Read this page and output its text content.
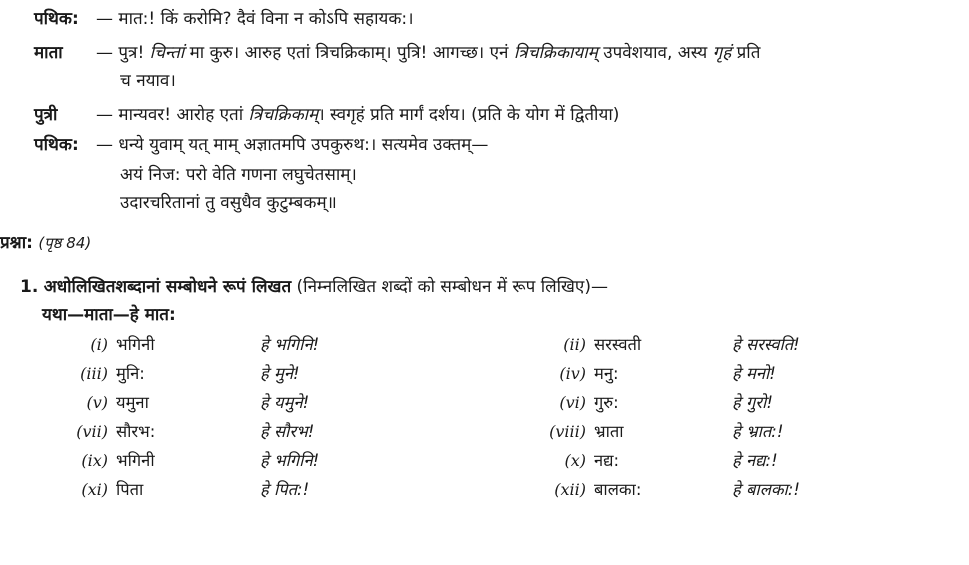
पथिक: — मात:! किं करोमि? दैवं विना न कोऽपि सहायक:।
माता — पुत्र! चिन्तां मा कुरु। आरुह एतां त्रिचक्रिकाम्। पुत्रि! आगच्छ। एनं त्रिचक्रिकायाम् उपवेशयाव, अस्य गृहं प्रति
च नयाव।
पुत्री — मान्यवर! आरोह एतां त्रिचक्रिकाम्। स्वगृहं प्रति मार्गं दर्शय। (प्रति के योग में द्वितीया)
पथिक: — धन्ये युवाम् यत् माम् अज्ञातमपि उपकुरुथ:। सत्यमेव उक्तम्—
अयं निज: परो वेति गणना लघुचेतसाम्।
उदारचरितानां तु वसुधैव कुटुम्बकम्॥
प्रश्ना: (पृष्ठ 84)
1. अधोलिखितशब्दानां सम्बोधने रूपं लिखत (निम्नलिखित शब्दों को सम्बोधन में रूप लिखिए)—
यथा—माता—हे मात:
(i) भगिनी	हे भगिनि!	(ii) सरस्वती	हे सरस्वति!
(iii) मुनि:	हे मुने!	(iv) मनु:	हे मनो!
(v) यमुना	हे यमुने!	(vi) गुरु:	हे गुरो!
(vii) सौरभ:	हे सौरभ!	(viii) भ्राता	हे भ्रात:!
(ix) भगिनी	हे भगिनि!	(x) नद्य:	हे नद्य:!
(xi) पिता	हे पित:!	(xii) बालका:	हे बालका:!
